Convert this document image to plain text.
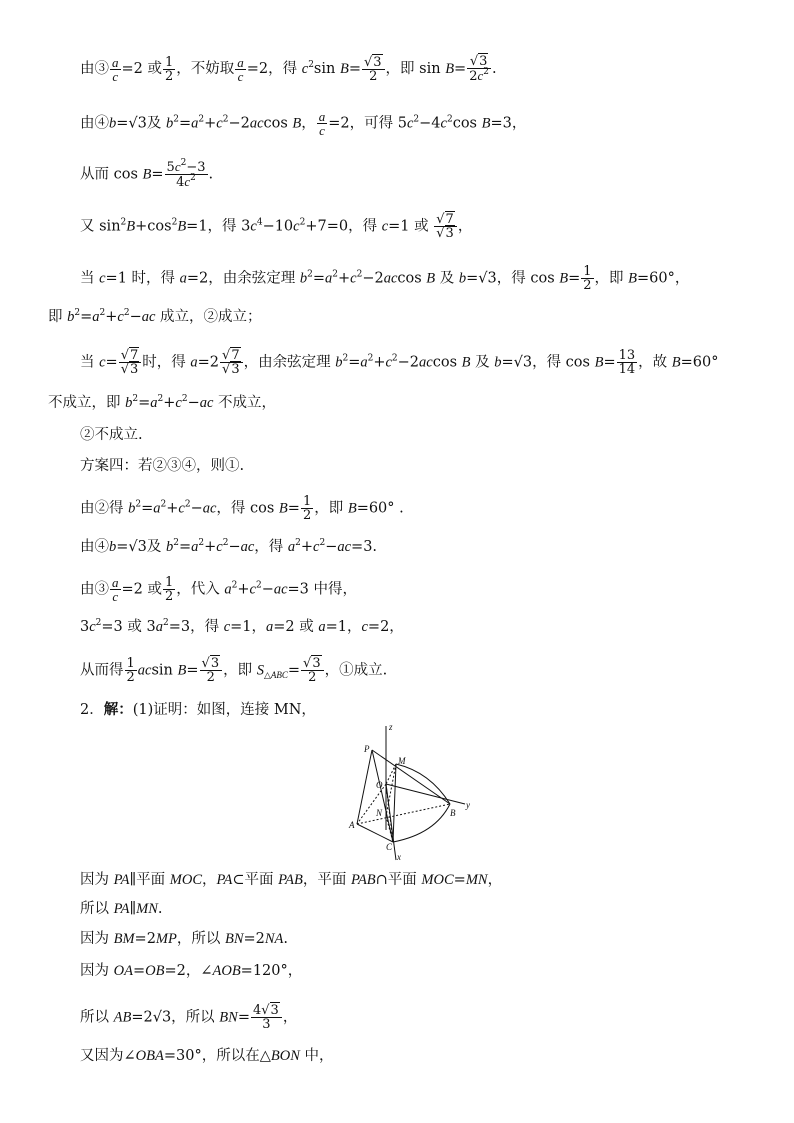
由③ $\frac{a}{c} =2$ 或 $\frac{1}{2}$ ，不妨取 $\frac{a}{c} =2$，得 $c^2\sin$ $B= \frac{√3}{2}$ ，即 $\sin B= \frac{√3}{2c^2}$ .
由④b=√3及 $b^2=a^2+c^2-2accos$ B， $\frac{a}{c} =2$，可得 $5c^2-4c^2\cos$ B=3，
从而 $\cos B= \frac{5c^2-3}{4c^2}$ .
又 $\sin^2B+\cos^2B=1$，得 $3c^4-10c^2+7=0$，得 c=1 或 $\frac{√7}{√3}$ ，
当 c=1 时，得 a=2，由余弦定理 $b^2=a^2+c^2-2accos$ B 及 b=√3，得 $\cos B= \frac{1}{2}$ ，即 B=60°，
即 $b^2=a^2+c^2-ac$ 成立，②成立；
当 $c= \frac{√7}{√3}$ 时，得 $a=2 \frac{√7}{√3}$ ，由余弦定理 $b^2=a^2+c^2-2accos$ B 及 b=√3，得 $\cos B= \frac{13}{14}$ ，故 B=60°
不成立，即 $b^2=a^2+c^2-ac$ 不成立，
②不成立.
方案四：若②③④，则①.
由②得 $b^2=a^2+c^2-ac$，得 $\cos B= \frac{1}{2}$ ，即 B=60° .
由④b=√3及 $b^2=a^2+c^2-ac$，得 $a^2+c^2-ac=3$.
由③ $\frac{a}{c} =2$ 或 $\frac{1}{2}$ ，代入 $a^2+c^2-ac=3$ 中得，
$3c^2=3$ 或 $3a^2=3$，得 c=1，a=2 或 a=1，c=2，
从而得 $\frac{1}{2}$ acsin $B= \frac{√3}{2}$ ，即 $S_{\triangle ABC}= \frac{√3}{2}$ ，①成立.
2．解：(1)证明：如图，连接 MN，
z
P
M
O
N	B
y
A
C
x
因为 PA∥平面 MOC，PA⊂平面 PAB，平面 PAB∩平面 MOC=MN，
所以 PA∥MN.
因为 BM=2MP，所以 BN=2NA.
因为 OA=OB=2，∠AOB=120°，
所以 AB=2√3，所以 $BN= \frac{4√3}{3}$ ，
又因为∠OBA=30°，所以在△BON 中，
